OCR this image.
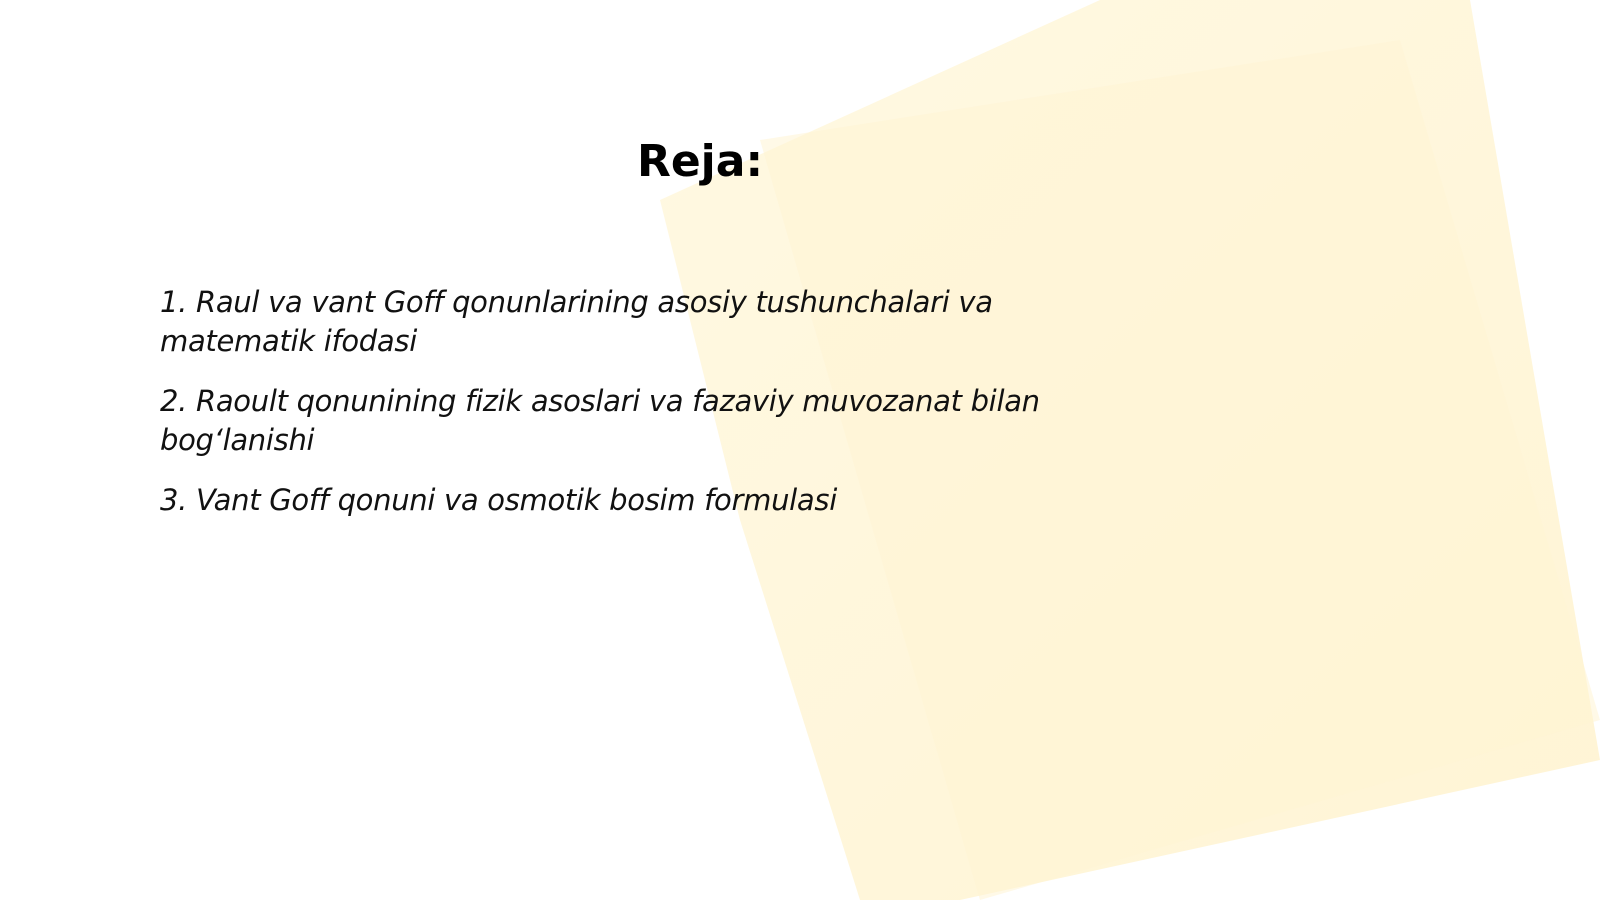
Reja:
1. Raul va vant Goff qonunlarining asosiy tushunchalari va matematik ifodasi
2. Raoult qonunining fizik asoslari va fazaviy muvozanat bilan bog‘lanishi
3. Vant Goff qonuni va osmotik bosim formulasi
